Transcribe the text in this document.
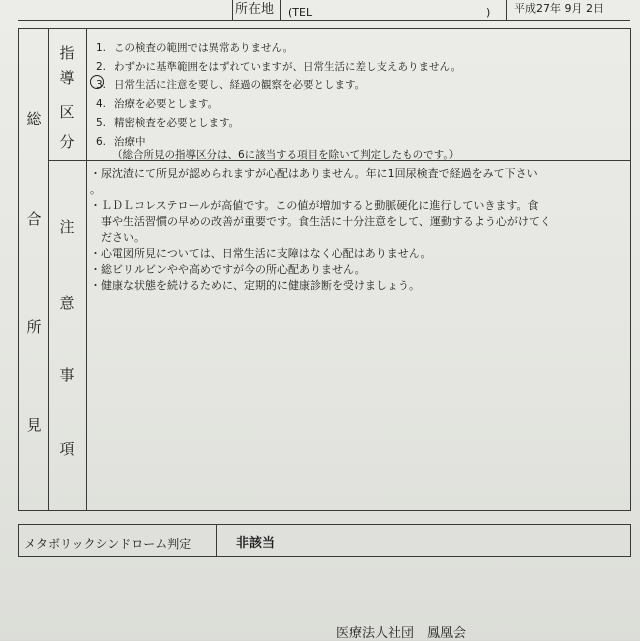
所在地 (TEL	) 平成27年 9月 2日
総
合
所
見
指
導
区
分
注
意
事
項
1. この検査の範囲では異常ありません。
2. わずかに基準範囲をはずれていますが、日常生活に差し支えありません。
3. 日常生活に注意を要し、経過の観察を必要とします。
4. 治療を必要とします。
5. 精密検査を必要とします。
6. 治療中
（総合所見の指導区分は、6に該当する項目を除いて判定したものです。）
・尿沈渣にて所見が認められますが心配はありません。年に1回尿検査で経過をみて下さい
。
・ＬＤＬコレステロールが高値です。この値が増加すると動脈硬化に進行していきます。食
　事や生活習慣の早めの改善が重要です。食生活に十分注意をして、運動するよう心がけてく
　ださい。
・心電図所見については、日常生活に支障はなく心配はありません。
・総ビリルビンやや高めですが今の所心配ありません。
・健康な状態を続けるために、定期的に健康診断を受けましょう。
メタボリックシンドローム判定	非該当
医療法人社団　鳳凰会
